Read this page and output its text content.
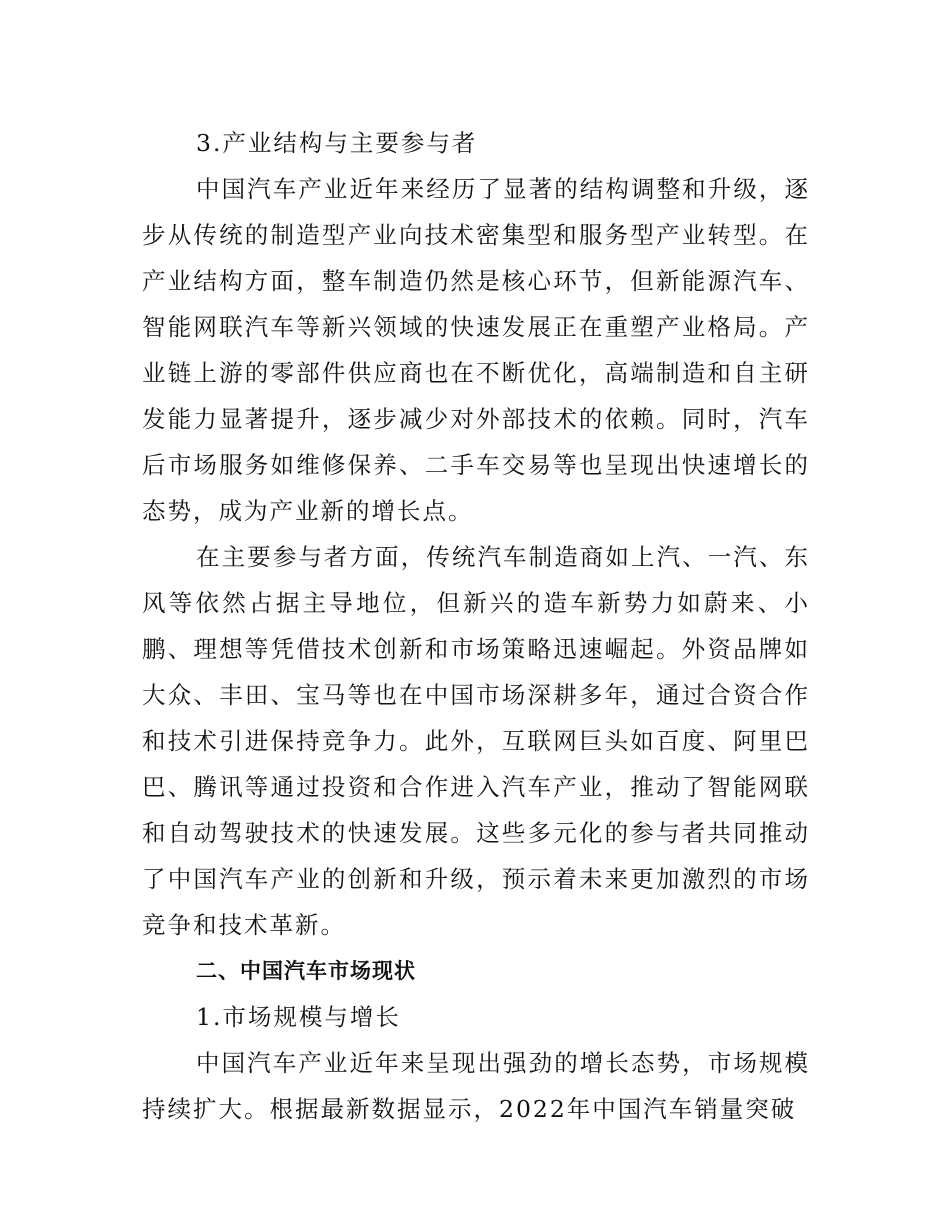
3.产业结构与主要参与者

中国汽车产业近年来经历了显著的结构调整和升级，逐步从传统的制造型产业向技术密集型和服务型产业转型。在产业结构方面，整车制造仍然是核心环节，但新能源汽车、智能网联汽车等新兴领域的快速发展正在重塑产业格局。产业链上游的零部件供应商也在不断优化，高端制造和自主研发能力显著提升，逐步减少对外部技术的依赖。同时，汽车后市场服务如维修保养、二手车交易等也呈现出快速增长的态势，成为产业新的增长点。

在主要参与者方面，传统汽车制造商如上汽、一汽、东风等依然占据主导地位，但新兴的造车新势力如蔚来、小鹏、理想等凭借技术创新和市场策略迅速崛起。外资品牌如大众、丰田、宝马等也在中国市场深耕多年，通过合资合作和技术引进保持竞争力。此外，互联网巨头如百度、阿里巴巴、腾讯等通过投资和合作进入汽车产业，推动了智能网联和自动驾驶技术的快速发展。这些多元化的参与者共同推动了中国汽车产业的创新和升级，预示着未来更加激烈的市场竞争和技术革新。

二、中国汽车市场现状

1.市场规模与增长

中国汽车产业近年来呈现出强劲的增长态势，市场规模持续扩大。根据最新数据显示，2022年中国汽车销量突破
